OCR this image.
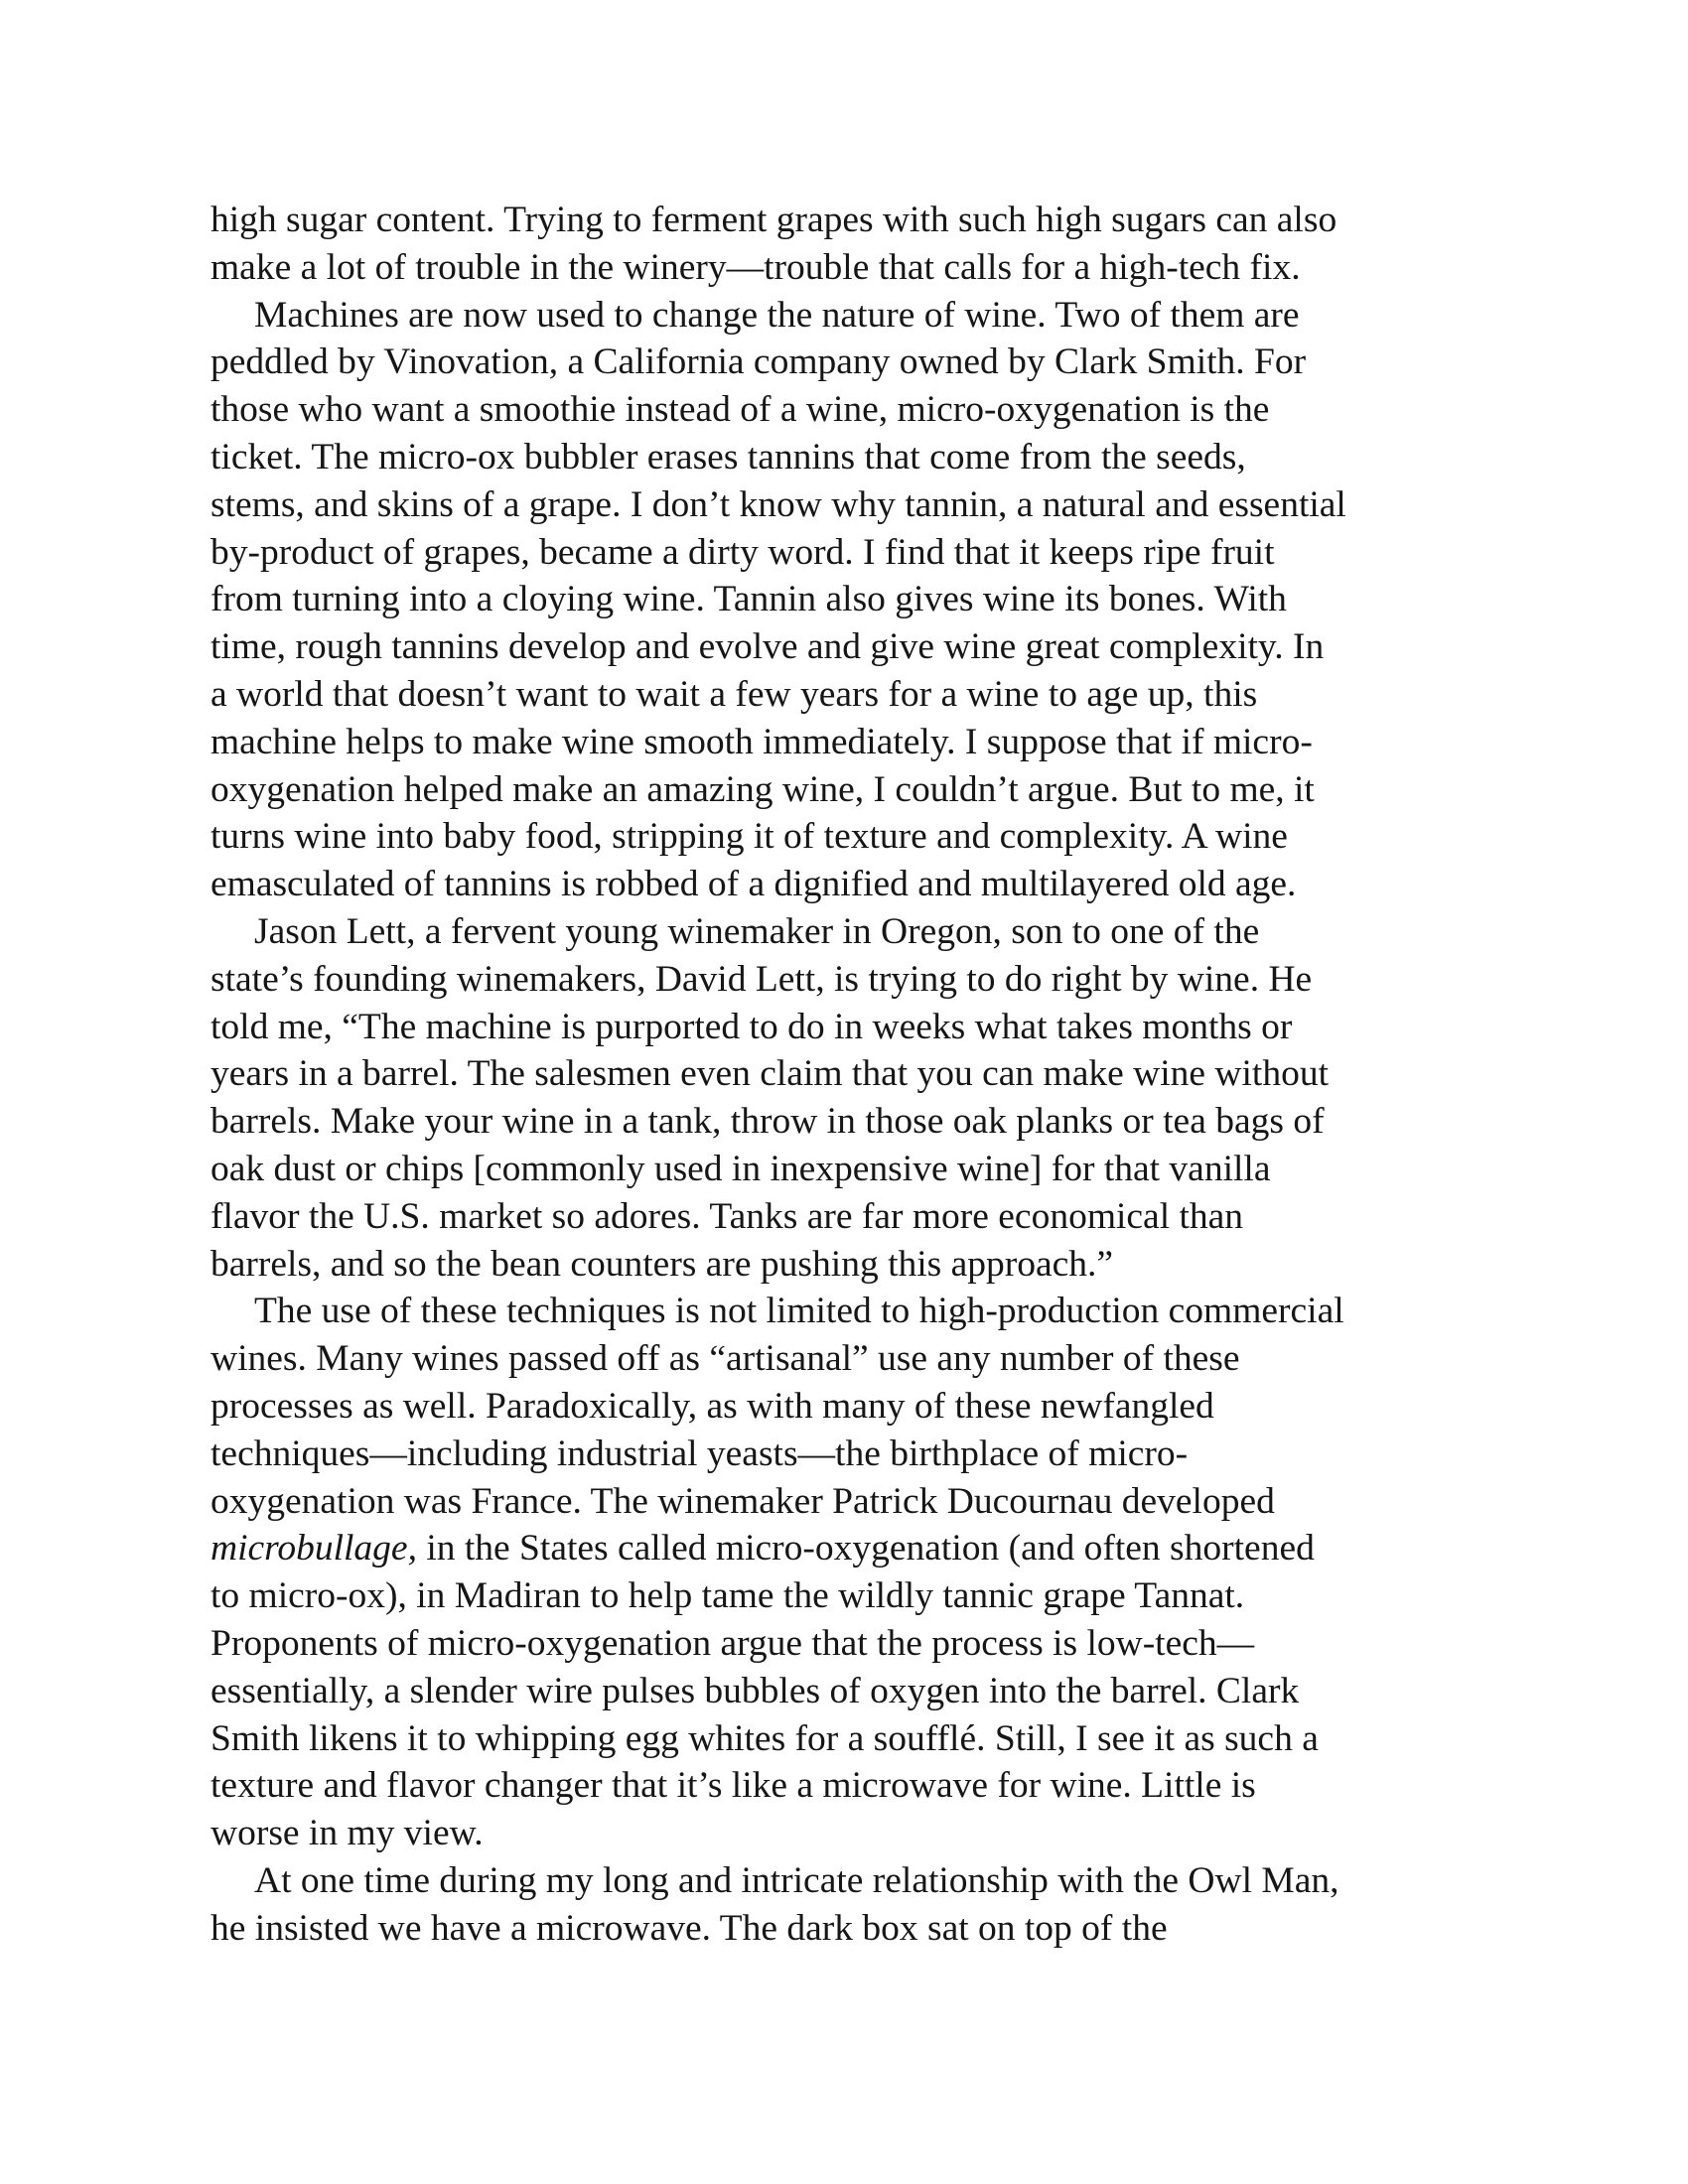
high sugar content. Trying to ferment grapes with such high sugars can also
make a lot of trouble in the winery—trouble that calls for a high-tech fix.
Machines are now used to change the nature of wine. Two of them are
peddled by Vinovation, a California company owned by Clark Smith. For
those who want a smoothie instead of a wine, micro-oxygenation is the
ticket. The micro-ox bubbler erases tannins that come from the seeds,
stems, and skins of a grape. I don’t know why tannin, a natural and essential
by-product of grapes, became a dirty word. I find that it keeps ripe fruit
from turning into a cloying wine. Tannin also gives wine its bones. With
time, rough tannins develop and evolve and give wine great complexity. In
a world that doesn’t want to wait a few years for a wine to age up, this
machine helps to make wine smooth immediately. I suppose that if micro-
oxygenation helped make an amazing wine, I couldn’t argue. But to me, it
turns wine into baby food, stripping it of texture and complexity. A wine
emasculated of tannins is robbed of a dignified and multilayered old age.
Jason Lett, a fervent young winemaker in Oregon, son to one of the
state’s founding winemakers, David Lett, is trying to do right by wine. He
told me, “The machine is purported to do in weeks what takes months or
years in a barrel. The salesmen even claim that you can make wine without
barrels. Make your wine in a tank, throw in those oak planks or tea bags of
oak dust or chips [commonly used in inexpensive wine] for that vanilla
flavor the U.S. market so adores. Tanks are far more economical than
barrels, and so the bean counters are pushing this approach.”
The use of these techniques is not limited to high-production commercial
wines. Many wines passed off as “artisanal” use any number of these
processes as well. Paradoxically, as with many of these newfangled
techniques—including industrial yeasts—the birthplace of micro-
oxygenation was France. The winemaker Patrick Ducournau developed
microbullage, in the States called micro-oxygenation (and often shortened
to micro-ox), in Madiran to help tame the wildly tannic grape Tannat.
Proponents of micro-oxygenation argue that the process is low-tech—
essentially, a slender wire pulses bubbles of oxygen into the barrel. Clark
Smith likens it to whipping egg whites for a soufflé. Still, I see it as such a
texture and flavor changer that it’s like a microwave for wine. Little is
worse in my view.
At one time during my long and intricate relationship with the Owl Man,
he insisted we have a microwave. The dark box sat on top of the
